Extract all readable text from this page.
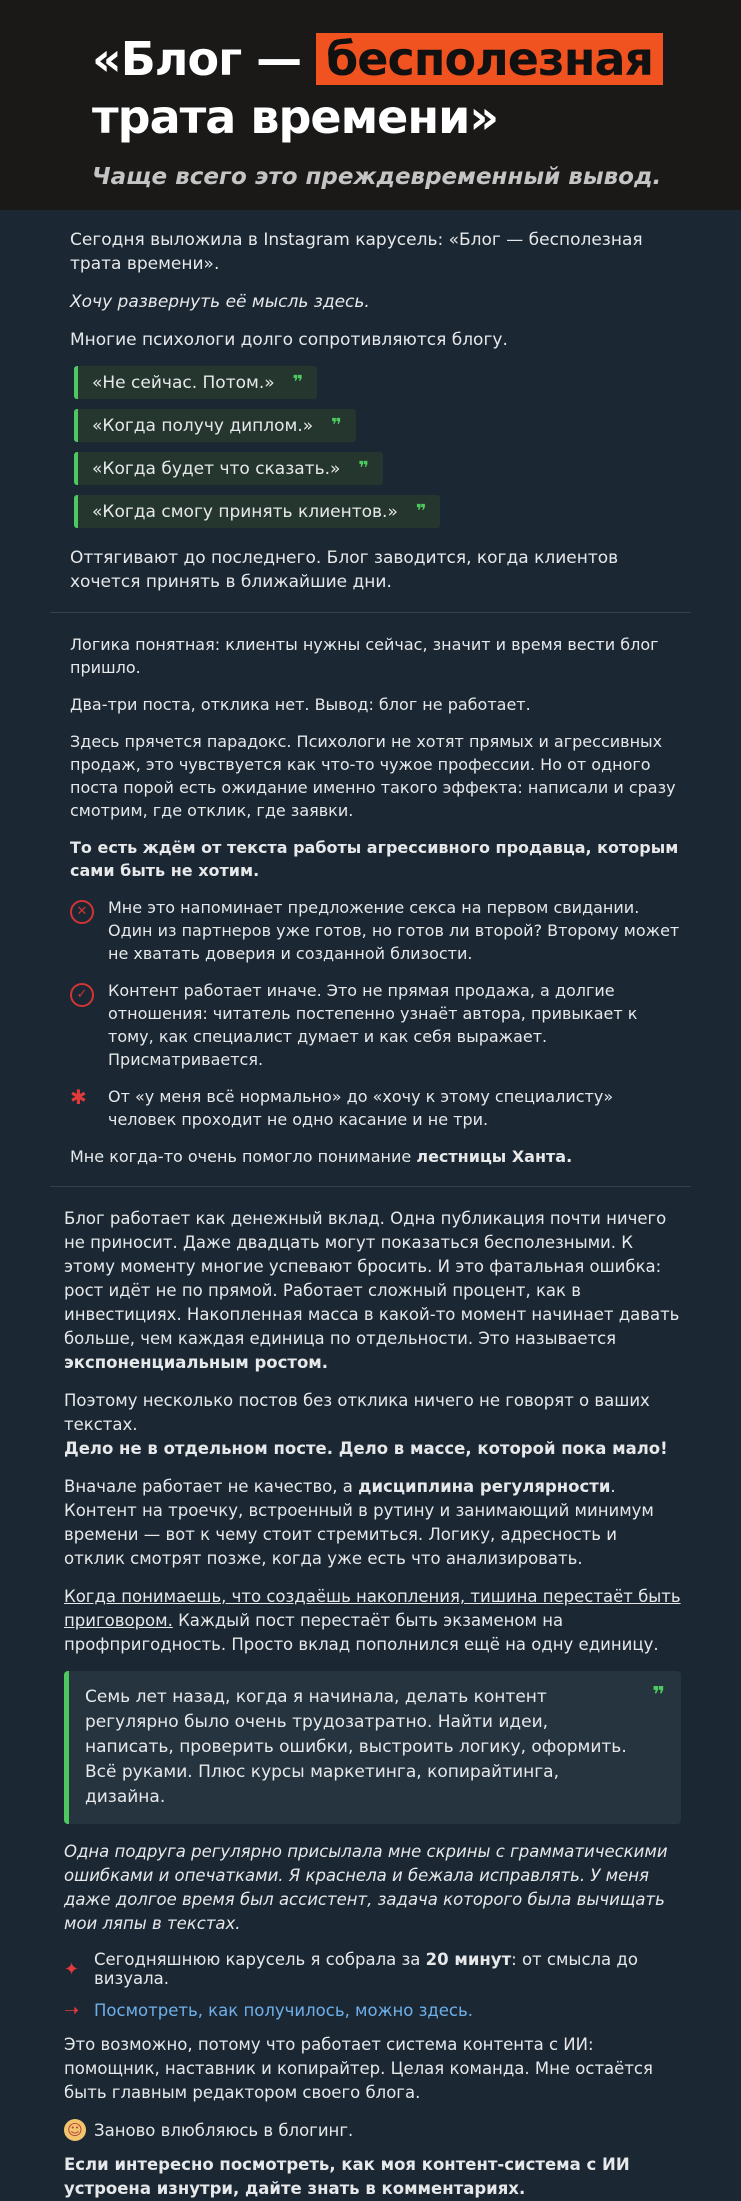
«Блог — бесполезная
трата времени»
Чаще всего это преждевременный вывод.

Сегодня выложила в Instagram карусель: «Блог — бесполезная трата времени».

Хочу развернуть её мысль здесь.

Многие психологи долго сопротивляются блогу.

«Не сейчас. Потом.» ❞
«Когда получу диплом.» ❞
«Когда будет что сказать.» ❞
«Когда смогу принять клиентов.» ❞

Оттягивают до последнего. Блог заводится, когда клиентов хочется принять в ближайшие дни.

Логика понятная: клиенты нужны сейчас, значит и время вести блог пришло.

Два-три поста, отклика нет. Вывод: блог не работает.

Здесь прячется парадокс. Психологи не хотят прямых и агрессивных продаж, это чувствуется как что-то чужое профессии. Но от одного поста порой есть ожидание именно такого эффекта: написали и сразу смотрим, где отклик, где заявки.

То есть ждём от текста работы агрессивного продавца, которым сами быть не хотим.

✕	Мне это напоминает предложение секса на первом свидании. Один из партнеров уже готов, но готов ли второй? Второму может не хватать доверия и созданной близости.
✓	Контент работает иначе. Это не прямая продажа, а долгие отношения: читатель постепенно узнаёт автора, привыкает к тому, как специалист думает и как себя выражает. Присматривается.
✱	От «у меня всё нормально» до «хочу к этому специалисту» человек проходит не одно касание и не три.

Мне когда-то очень помогло понимание лестницы Ханта.

Блог работает как денежный вклад. Одна публикация почти ничего не приносит. Даже двадцать могут показаться бесполезными. К этому моменту многие успевают бросить. И это фатальная ошибка: рост идёт не по прямой. Работает сложный процент, как в инвестициях. Накопленная масса в какой-то момент начинает давать больше, чем каждая единица по отдельности. Это называется экспоненциальным ростом.

Поэтому несколько постов без отклика ничего не говорят о ваших текстах.
Дело не в отдельном посте. Дело в массе, которой пока мало!

Вначале работает не качество, а дисциплина регулярности. Контент на троечку, встроенный в рутину и занимающий минимум времени — вот к чему стоит стремиться. Логику, адресность и отклик смотрят позже, когда уже есть что анализировать.

Когда понимаешь, что создаёшь накопления, тишина перестаёт быть приговором. Каждый пост перестаёт быть экзаменом на профпригодность. Просто вклад пополнился ещё на одну единицу.

Семь лет назад, когда я начинала, делать контент регулярно было очень трудозатратно. Найти идеи, написать, проверить ошибки, выстроить логику, оформить. Всё руками. Плюс курсы маркетинга, копирайтинга, дизайна.
❞

Одна подруга регулярно присылала мне скрины с грамматическими ошибками и опечатками. Я краснела и бежала исправлять. У меня даже долгое время был ассистент, задача которого была вычищать мои ляпы в текстах.

✦ Сегодняшнюю карусель я собрала за 20 минут: от смысла до визуала.
➝ Посмотреть, как получилось, можно здесь.

Это возможно, потому что работает система контента с ИИ: помощник, наставник и копирайтер. Целая команда. Мне остаётся быть главным редактором своего блога.

☺ Заново влюбляюсь в блогинг.

Если интересно посмотреть, как моя контент-система с ИИ устроена изнутри, дайте знать в комментариях.
